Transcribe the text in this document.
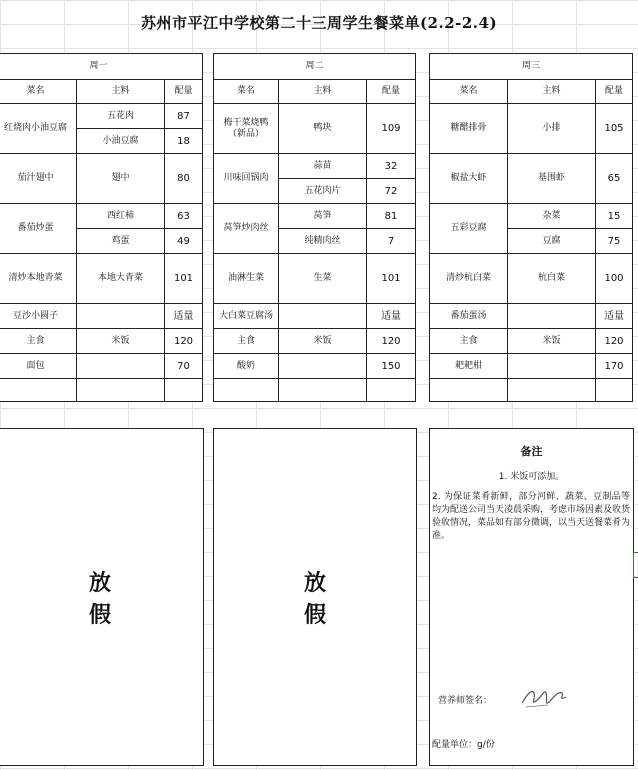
苏州市平江中学校第二十三周学生餐菜单(2.2-2.4)
周一		
菜名	主料	配量
红烧肉小油豆腐	五花肉	87
	小油豆腐	18
茄汁翅中	翅中	80
番茄炒蛋	西红柿	63
	鸡蛋	49
清炒本地青菜	本地大青菜	101
豆沙小圆子		适量
主食	米饭	120
面包		70

周二		
菜名	主料	配量
梅干菜烧鸭
（新品）	鸭块	109
川味回锅肉	蒜苗	32
	五花肉片	72
莴笋炒肉丝	莴笋	81
	纯精肉丝	7
油淋生菜	生菜	101
大白菜豆腐汤		适量
主食	米饭	120
酸奶		150

周三		
菜名	主料	配量
糖醋排骨	小排	105
椒盐大虾	基围虾	65
五彩豆腐	杂菜	15
	豆腐	75
清炒杭白菜	杭白菜	100
番茄蛋汤		适量
主食	米饭	120
耙耙柑		170

放
假
放
假
备注
1. 米饭可添加。
2. 为保证菜肴新鲜，部分河鲜、蔬菜、豆制品等均为配送公司当天凌晨采购，考虑市场因素及收货验收情况，菜品如有部分微调，以当天送餐菜肴为准。
营养师签名：
配量单位：g/份
